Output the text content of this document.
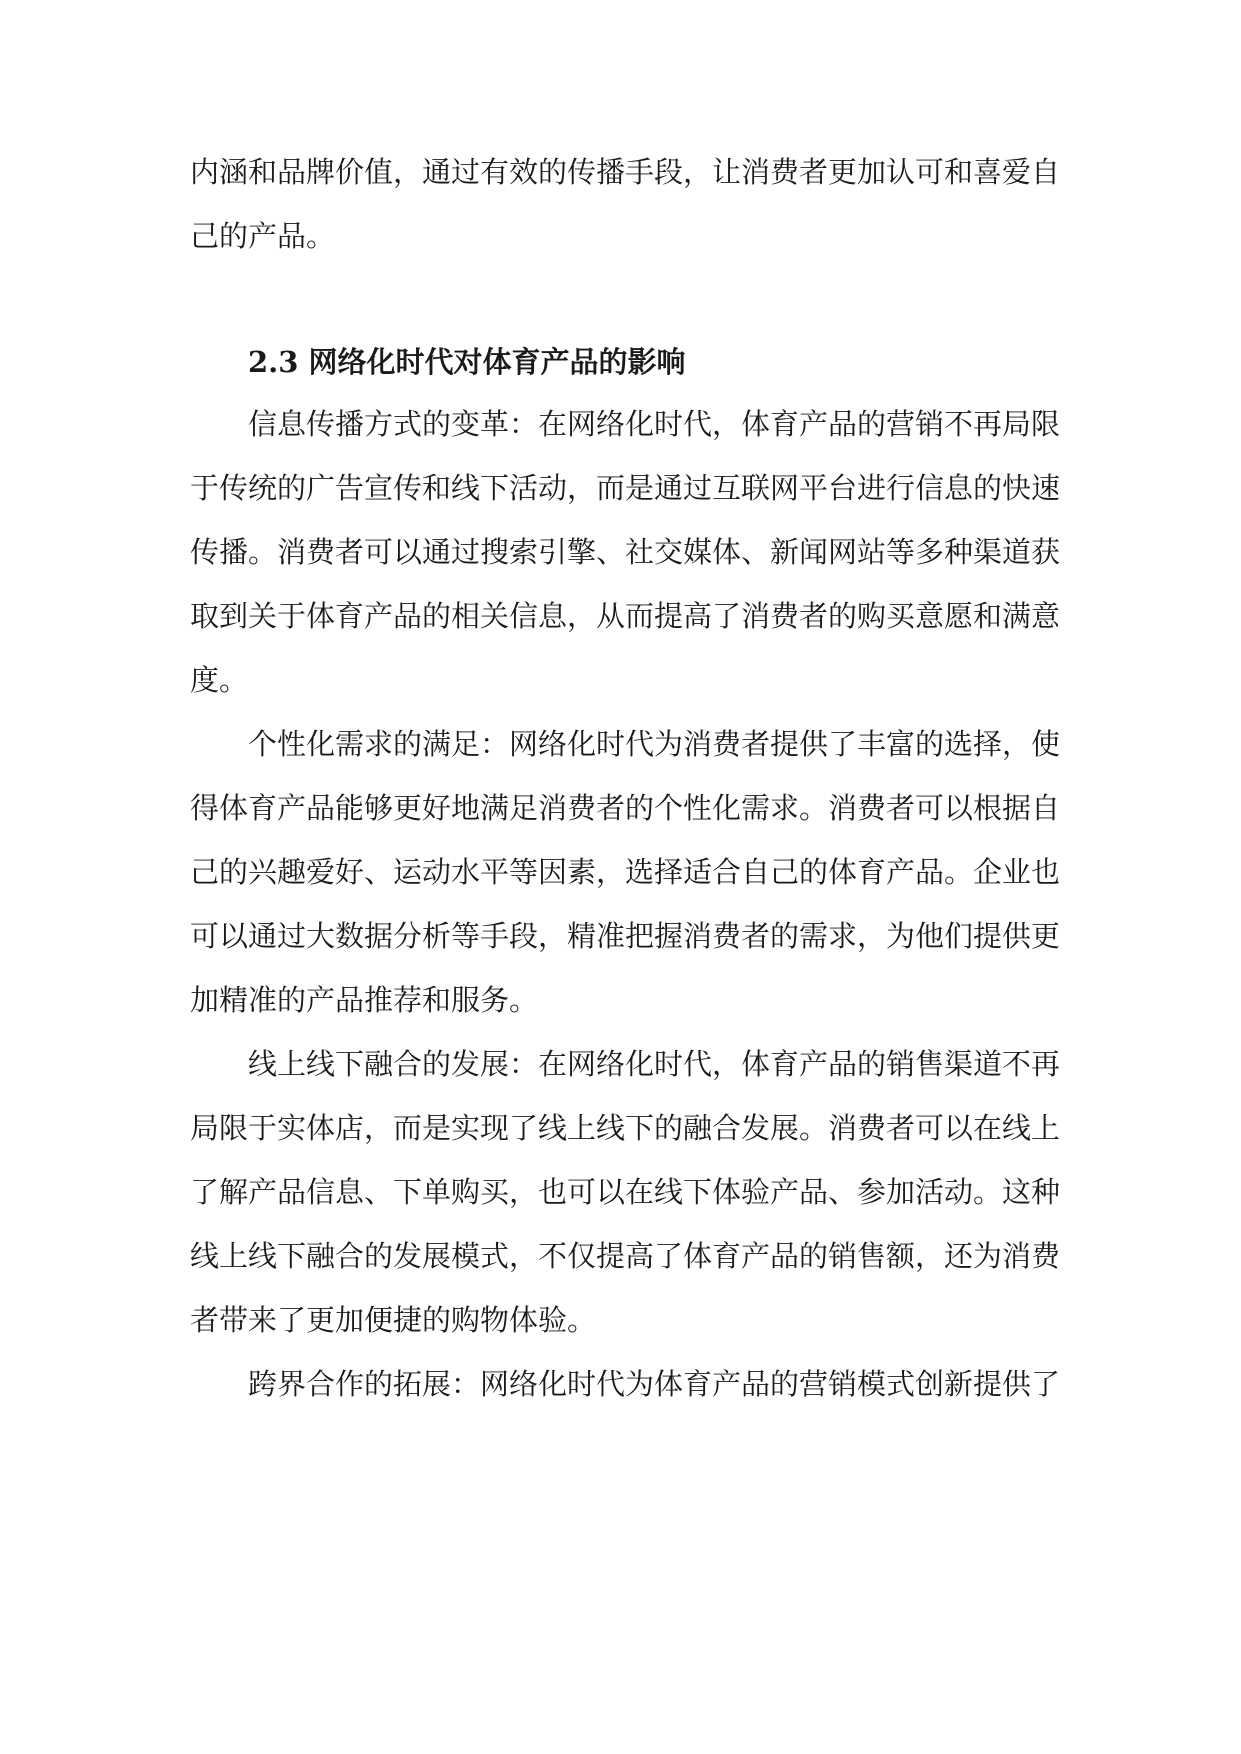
内涵和品牌价值，通过有效的传播手段，让消费者更加认可和喜爱自
己的产品。
2.3 网络化时代对体育产品的影响
信息传播方式的变革：在网络化时代，体育产品的营销不再局限
于传统的广告宣传和线下活动，而是通过互联网平台进行信息的快速
传播。消费者可以通过搜索引擎、社交媒体、新闻网站等多种渠道获
取到关于体育产品的相关信息，从而提高了消费者的购买意愿和满意
度。
个性化需求的满足：网络化时代为消费者提供了丰富的选择，使
得体育产品能够更好地满足消费者的个性化需求。消费者可以根据自
己的兴趣爱好、运动水平等因素，选择适合自己的体育产品。企业也
可以通过大数据分析等手段，精准把握消费者的需求，为他们提供更
加精准的产品推荐和服务。
线上线下融合的发展：在网络化时代，体育产品的销售渠道不再
局限于实体店，而是实现了线上线下的融合发展。消费者可以在线上
了解产品信息、下单购买，也可以在线下体验产品、参加活动。这种
线上线下融合的发展模式，不仅提高了体育产品的销售额，还为消费
者带来了更加便捷的购物体验。
跨界合作的拓展：网络化时代为体育产品的营销模式创新提供了
